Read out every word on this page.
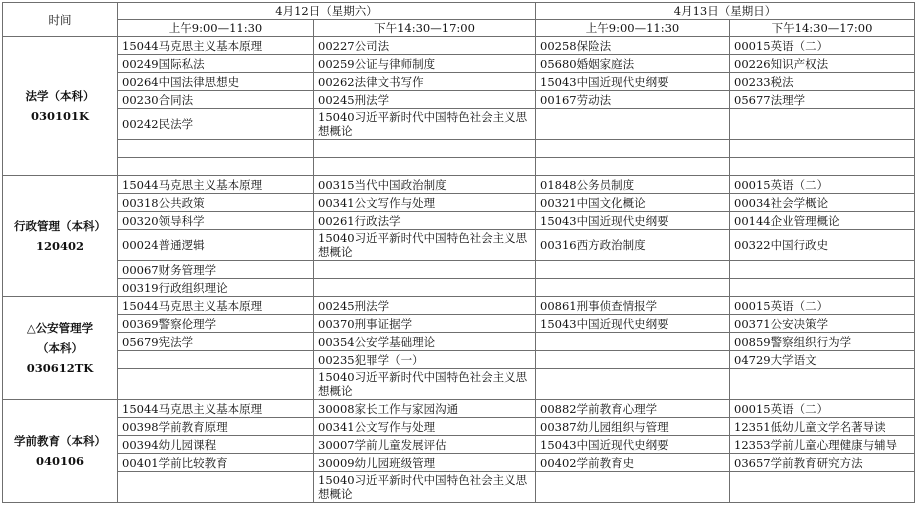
时间	4月12日（星期六）		4月13日（星期日）	
	上午9:00—11:30	下午14:30—17:00	上午9:00—11:30	下午14:30—17:00

法学（本科）
030101K	15044马克思主义基本原理	00227公司法	00258保险法	00015英语（二）
	00249国际私法	00259公证与律师制度	05680婚姻家庭法	00226知识产权法
	00264中国法律思想史	00262法律文书写作	15043中国近现代史纲要	00233税法
	00230合同法	00245刑法学	00167劳动法	05677法理学
	00242民法学	15040习近平新时代中国特色社会主义思想概论		

行政管理（本科）
120402	15044马克思主义基本原理	00315当代中国政治制度	01848公务员制度	00015英语（二）
	00318公共政策	00341公文写作与处理	00321中国文化概论	00034社会学概论
	00320领导科学	00261行政法学	15043中国近现代史纲要	00144企业管理概论
	00024普通逻辑	15040习近平新时代中国特色社会主义思想概论	00316西方政治制度	00322中国行政史
	00067财务管理学			
	00319行政组织理论			

△公安管理学
（本科）030612TK	15044马克思主义基本原理	00245刑法学	00861刑事侦查情报学	00015英语（二）
	00369警察伦理学	00370刑事证据学	15043中国近现代史纲要	00371公安决策学
	05679宪法学	00354公安学基础理论		00859警察组织行为学
		00235犯罪学（一）		04729大学语文
		15040习近平新时代中国特色社会主义思想概论		

学前教育（本科）
040106	15044马克思主义基本原理	30008家长工作与家园沟通	00882学前教育心理学	00015英语（二）
	00398学前教育原理	00341公文写作与处理	00387幼儿园组织与管理	12351低幼儿童文学名著导读
	00394幼儿园课程	30007学前儿童发展评估	15043中国近现代史纲要	12353学前儿童心理健康与辅导
	00401学前比较教育	30009幼儿园班级管理	00402学前教育史	03657学前教育研究方法
		15040习近平新时代中国特色社会主义思想概论		
